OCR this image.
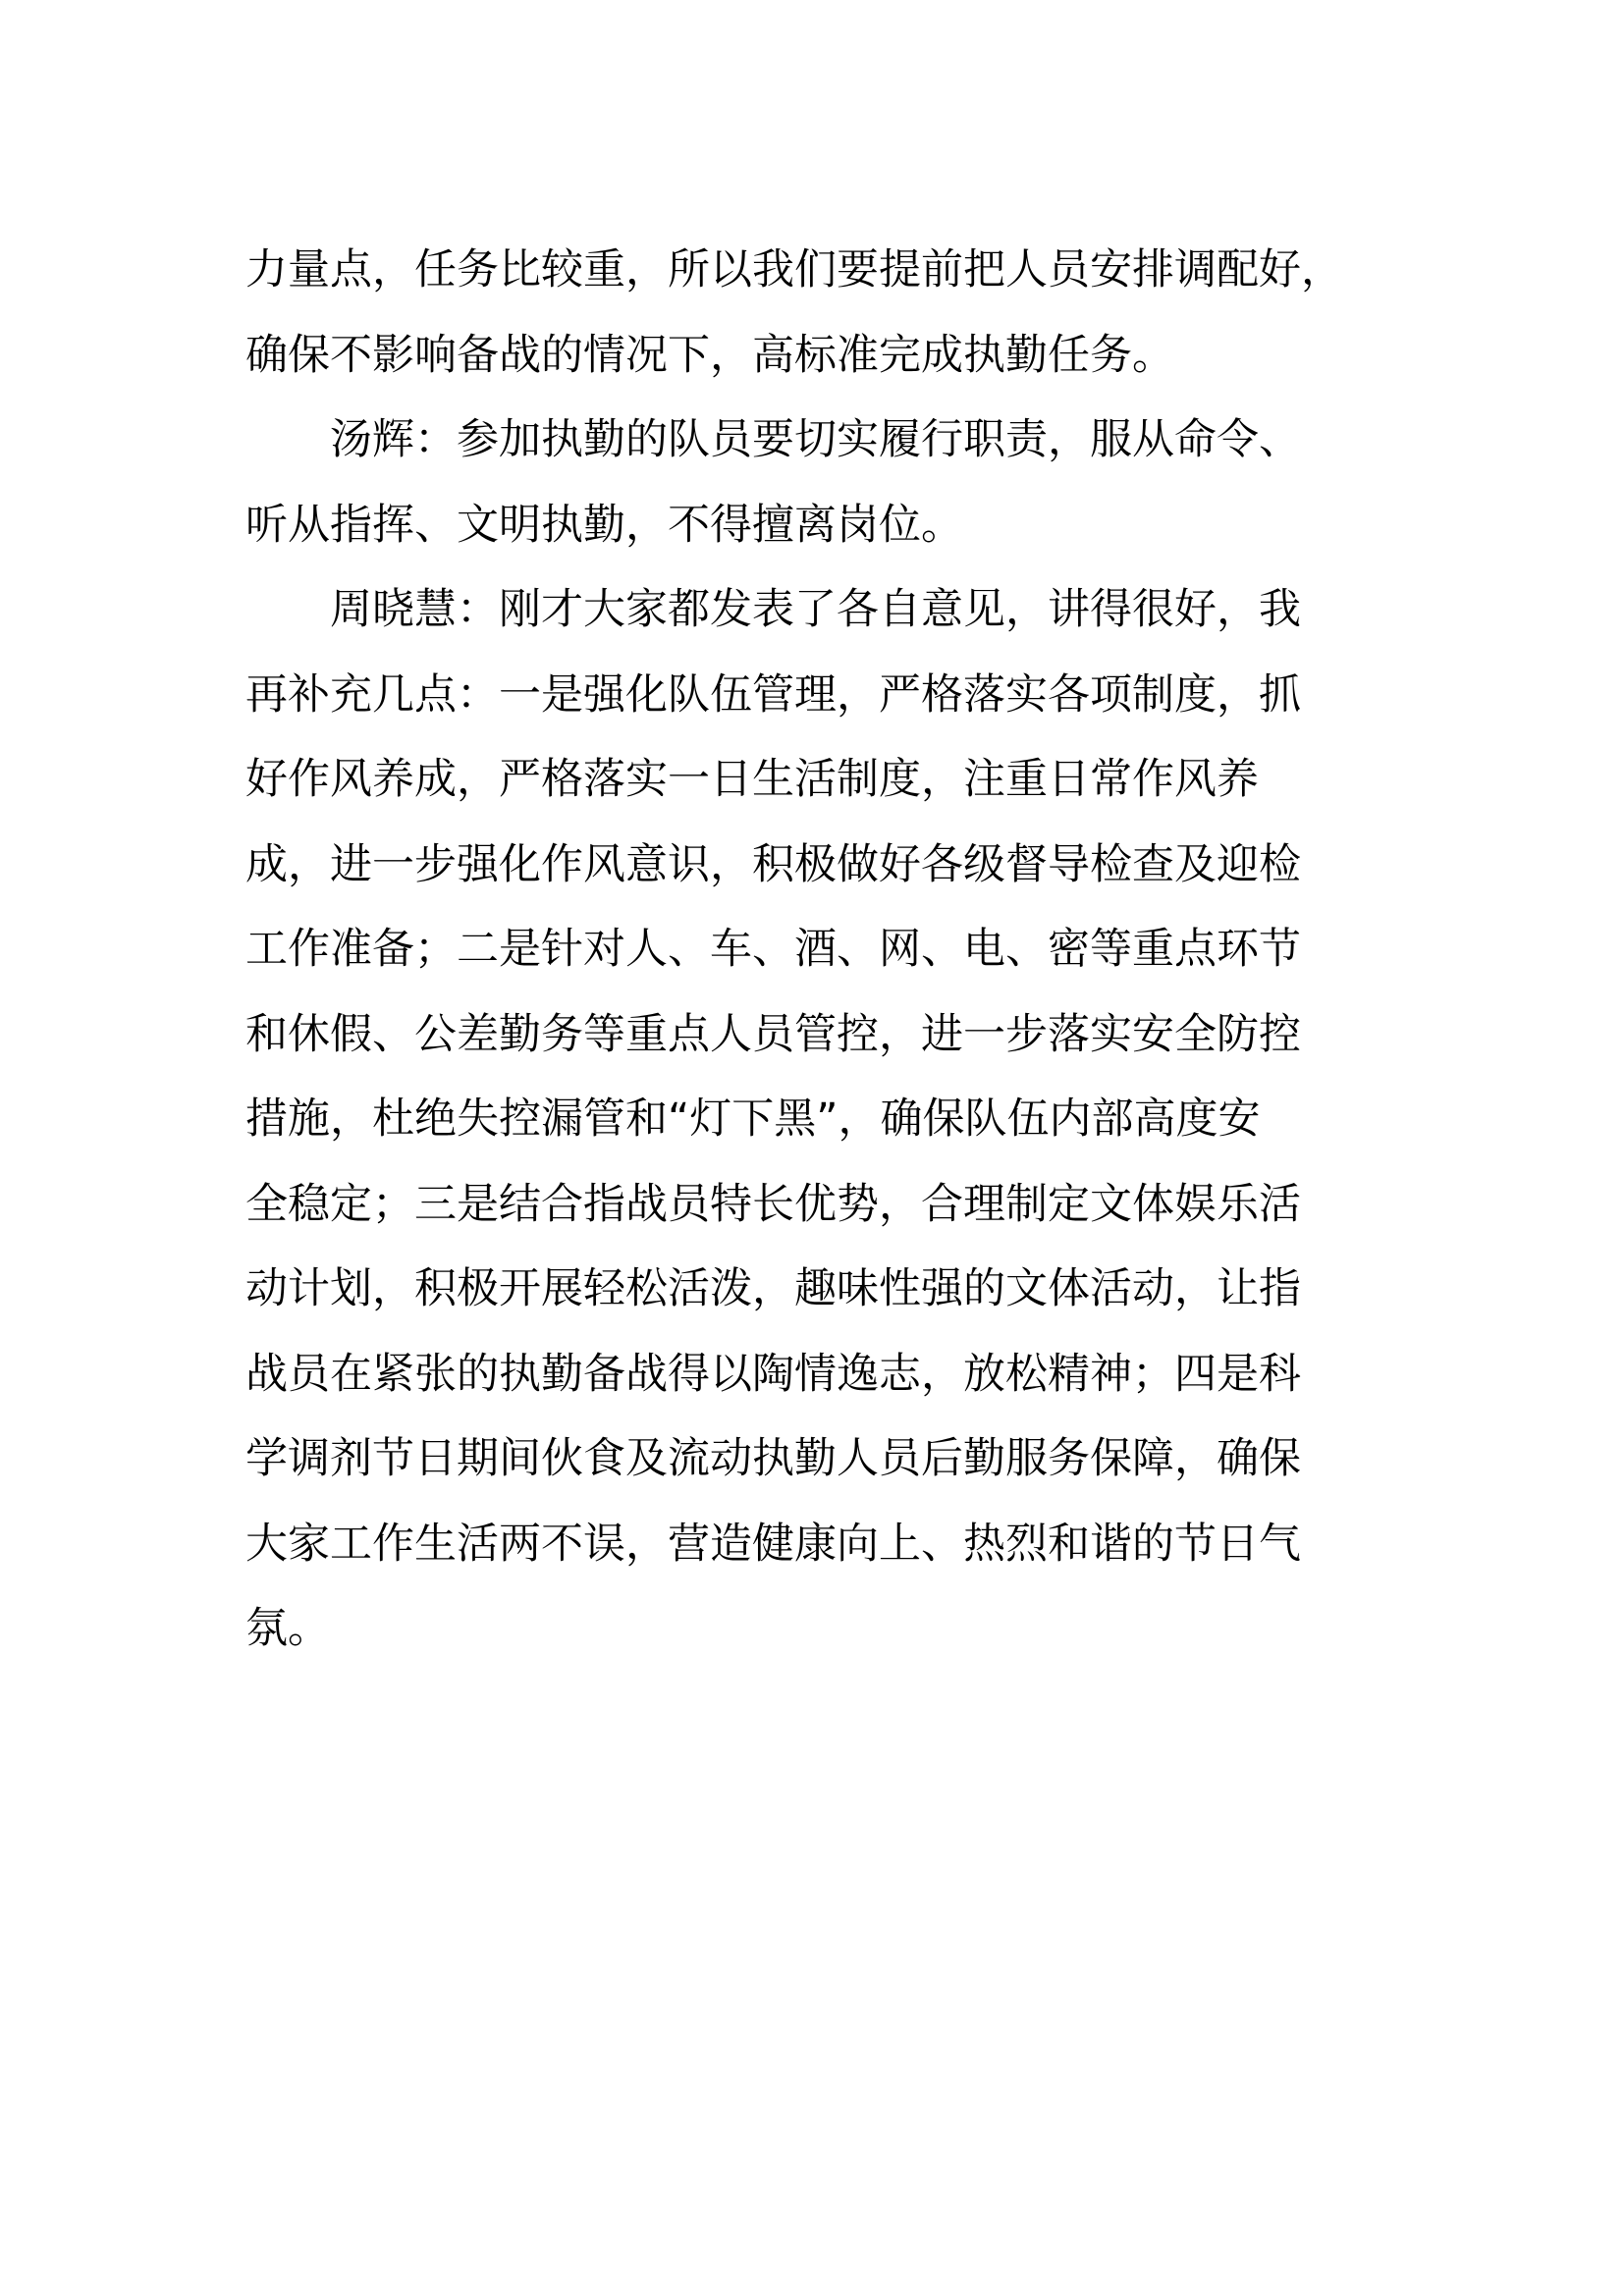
力量点，任务比较重，所以我们要提前把人员安排调配好，
确保不影响备战的情况下，高标准完成执勤任务。
汤辉：参加执勤的队员要切实履行职责，服从命令、
听从指挥、文明执勤，不得擅离岗位。
周晓慧：刚才大家都发表了各自意见，讲得很好，我
再补充几点：一是强化队伍管理，严格落实各项制度，抓
好作风养成，严格落实一日生活制度，注重日常作风养
成，进一步强化作风意识，积极做好各级督导检查及迎检
工作准备；二是针对人、车、酒、网、电、密等重点环节
和休假、公差勤务等重点人员管控，进一步落实安全防控
措施，杜绝失控漏管和“灯下黑”，确保队伍内部高度安
全稳定；三是结合指战员特长优势，合理制定文体娱乐活
动计划，积极开展轻松活泼，趣味性强的文体活动，让指
战员在紧张的执勤备战得以陶情逸志，放松精神；四是科
学调剂节日期间伙食及流动执勤人员后勤服务保障，确保
大家工作生活两不误，营造健康向上、热烈和谐的节日气
氛。
